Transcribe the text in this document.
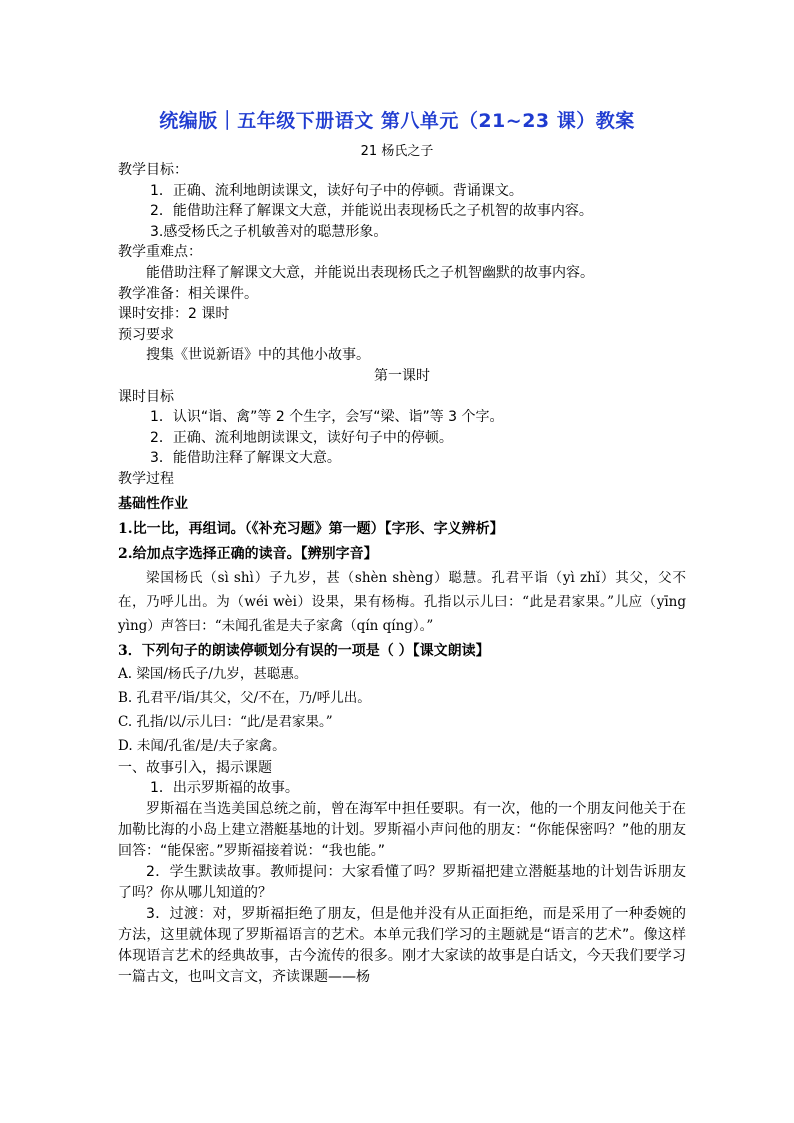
统编版｜五年级下册语文 第八单元（21~23 课）教案
21 杨氏之子
教学目标：
1．正确、流利地朗读课文，读好句子中的停顿。背诵课文。
2．能借助注释了解课文大意，并能说出表现杨氏之子机智的故事内容。
3.感受杨氏之子机敏善对的聪慧形象。
教学重难点：
能借助注释了解课文大意，并能说出表现杨氏之子机智幽默的故事内容。
教学准备：相关课件。
课时安排：2 课时
预习要求
搜集《世说新语》中的其他小故事。
第一课时
课时目标
1．认识“诣、禽”等 2 个生字，会写“梁、诣”等 3 个字。
2．正确、流利地朗读课文，读好句子中的停顿。
3．能借助注释了解课文大意。
教学过程
基础性作业
1.比一比，再组词。（《补充习题》第一题）【字形、字义辨析】
2.给加点字选择正确的读音。【辨别字音】
梁国杨氏（sì shì）子九岁，甚（shèn shèng）聪慧。孔君平诣（yì zhǐ）其父，父不在，乃呼儿出。为（wéi wèi）设果，果有杨梅。孔指以示儿曰：“此是君家果。”儿应（yīng yìng）声答曰：“未闻孔雀是夫子家禽（qín qíng）。”
3．下列句子的朗读停顿划分有误的一项是（ ）【课文朗读】
A. 梁国/杨氏子/九岁，甚聪惠。
B. 孔君平/诣/其父，父/不在，乃/呼儿出。
C. 孔指/以/示儿曰：“此/是君家果。”
D. 未闻/孔雀/是/夫子家禽。
一、故事引入，揭示课题
1．出示罗斯福的故事。
罗斯福在当选美国总统之前，曾在海军中担任要职。有一次，他的一个朋友问他关于在加勒比海的小岛上建立潜艇基地的计划。罗斯福小声问他的朋友：“你能保密吗？”他的朋友回答：“能保密。”罗斯福接着说：“我也能。”
2．学生默读故事。教师提问：大家看懂了吗？罗斯福把建立潜艇基地的计划告诉朋友了吗？你从哪儿知道的？
3．过渡：对，罗斯福拒绝了朋友，但是他并没有从正面拒绝，而是采用了一种委婉的方法，这里就体现了罗斯福语言的艺术。本单元我们学习的主题就是“语言的艺术”。像这样体现语言艺术的经典故事，古今流传的很多。刚才大家读的故事是白话文，今天我们要学习一篇古文，也叫文言文，齐读课题——杨
